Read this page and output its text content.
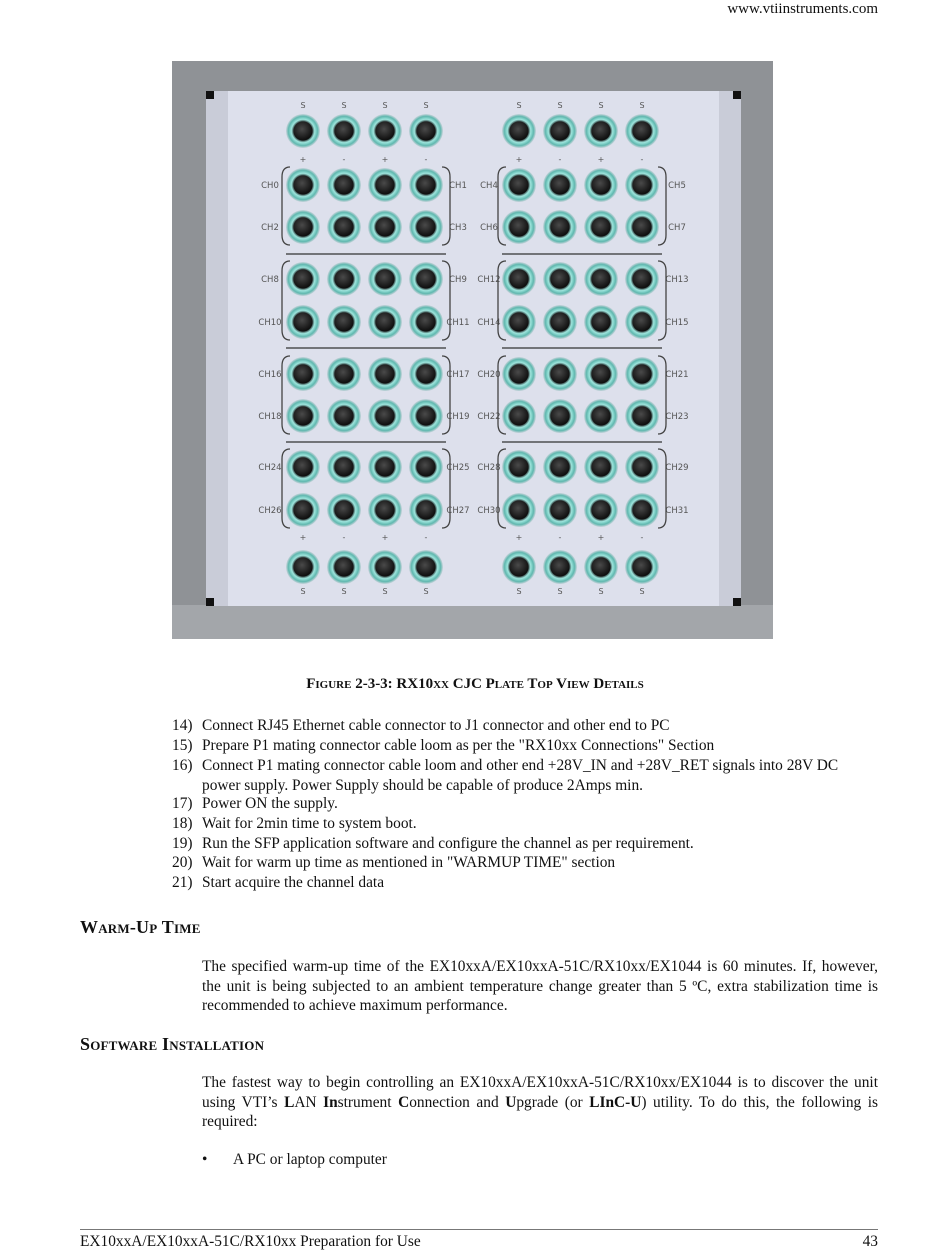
www.vtiinstruments.com
S
S
S
S
S
S
S
S
S
S
S
S
S
S
S
S
+
+
-
-
+
+
-
-
+
+
-
-
+
+
-
-
CH0	CH1 CH4	CH5
CH2	CH3 CH6	CH7
CH8	CH9 CH12	CH13
CH10	CH11 CH14	CH15
CH16	CH17 CH20	CH21
CH18	CH19 CH22	CH23
CH24	CH25 CH28	CH29
CH26	CH27 CH30	CH31
Figure 2-3-3: RX10xx CJC Plate Top View Details
14) Connect RJ45 Ethernet cable connector to J1 connector and other end to PC
15) Prepare P1 mating connector cable loom as per the "RX10xx Connections" Section
16) Connect P1 mating connector cable loom and other end +28V_IN and +28V_RET signals into 28V DC power supply. Power Supply should be capable of produce 2Amps min.
17) Power ON the supply.
18) Wait for 2min time to system boot.
19) Run the SFP application software and configure the channel as per requirement.
20) Wait for warm up time as mentioned in "WARMUP TIME" section
21) Start acquire the channel data
Warm-Up Time
The specified warm-up time of the EX10xxA/EX10xxA-51C/RX10xx/EX1044 is 60 minutes. If, however, the unit is being subjected to an ambient temperature change greater than 5 ºC, extra stabilization time is recommended to achieve maximum performance.
Software Installation
The fastest way to begin controlling an EX10xxA/EX10xxA-51C/RX10xx/EX1044 is to discover the unit using VTI’s LAN Instrument Connection and Upgrade (or LInC-U) utility. To do this, the following is required:
•	A PC or laptop computer
EX10xxA/EX10xxA-51C/RX10xx Preparation for Use	43
